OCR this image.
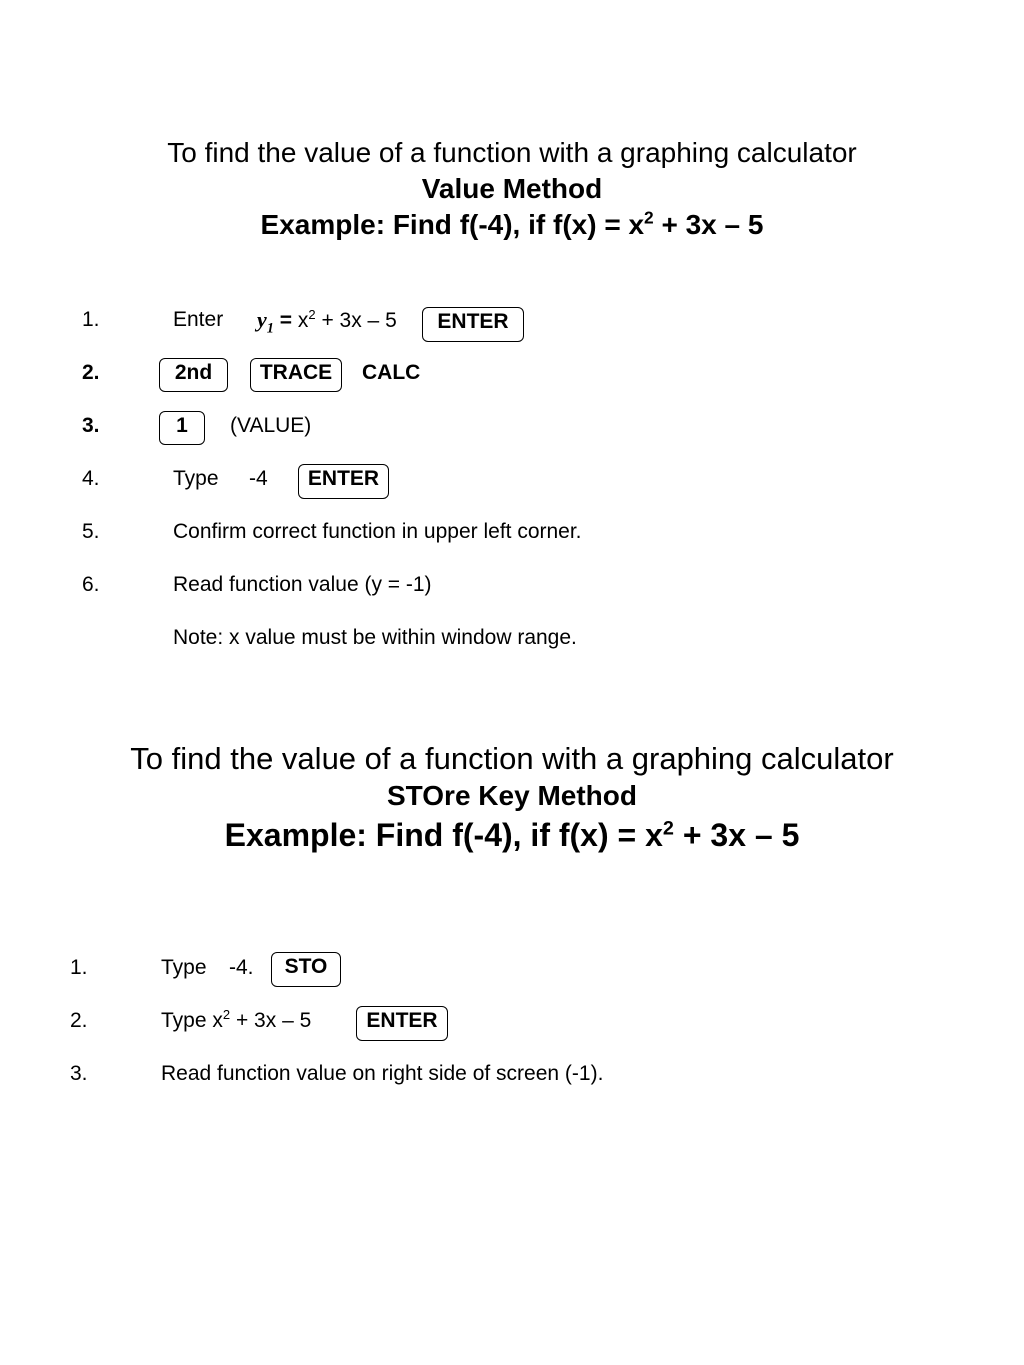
To find the value of a function with a graphing calculator
Value Method
Example: Find f(-4), if $f(x) = x^2 + 3x - 5$
1.	Enter $y_1 = x^2 + 3x - 5$	ENTER
2.	2nd	TRACE	CALC
3.	1	(VALUE)
4.	Type -4	ENTER
5.	Confirm correct function in upper left corner.
6.	Read function value (y = -1)
Note: x value must be within window range.
To find the value of a function with a graphing calculator
STOre Key Method
Example: Find f(-4), if $f(x) = x^2 + 3x - 5$
1.	Type -4.	STO
2.	Type $x^2 + 3x - 5$	ENTER
3.	Read function value on right side of screen (-1).
